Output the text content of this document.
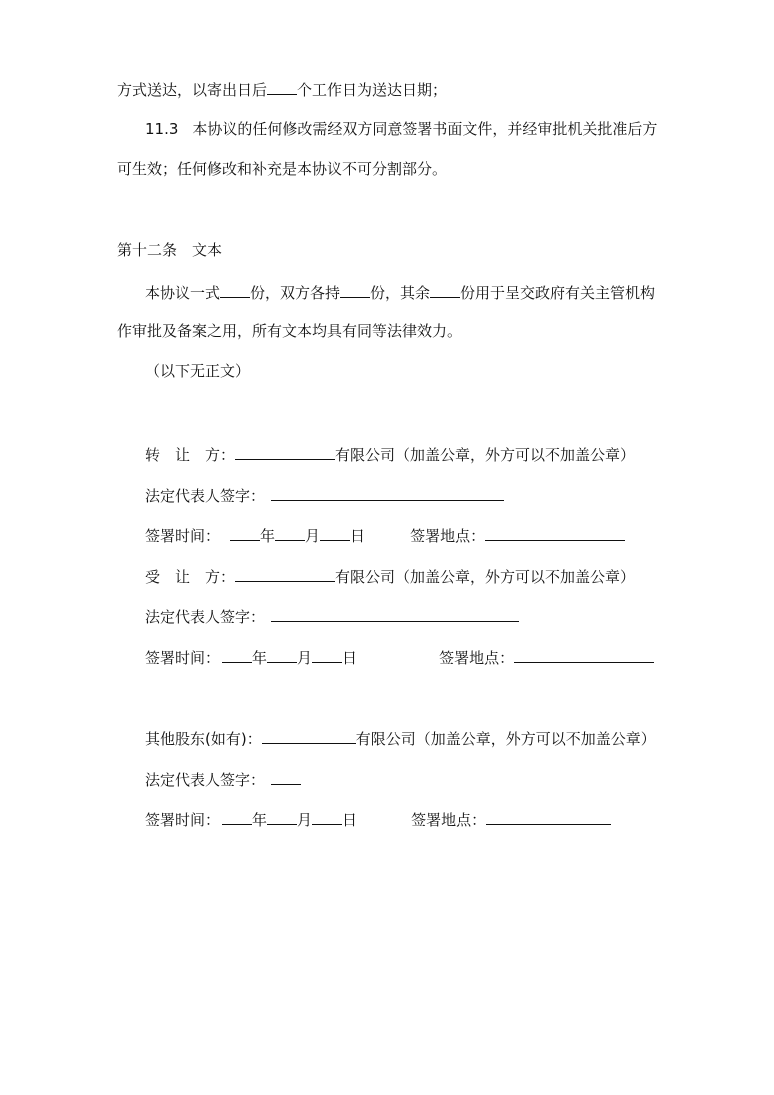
方式送达，以寄出日后 个工作日为送达日期；
11.3 本协议的任何修改需经双方同意签署书面文件，并经审批机关批准后方
可生效；任何修改和补充是本协议不可分割部分。
第十二条　文本
本协议一式 份，双方各持 份，其余 份用于呈交政府有关主管机构
作审批及备案之用，所有文本均具有同等法律效力。
（以下无正文）
转　让　方：	有限公司（加盖公章，外方可以不加盖公章）
法定代表人签字：
签署时间：	年 月 日	签署地点：
受　让　方：	有限公司（加盖公章，外方可以不加盖公章）
法定代表人签字：
签署时间： 年 月 日	签署地点：
其他股东(如有)：	有限公司（加盖公章，外方可以不加盖公章）
法定代表人签字：
签署时间： 年 月 日	签署地点：
